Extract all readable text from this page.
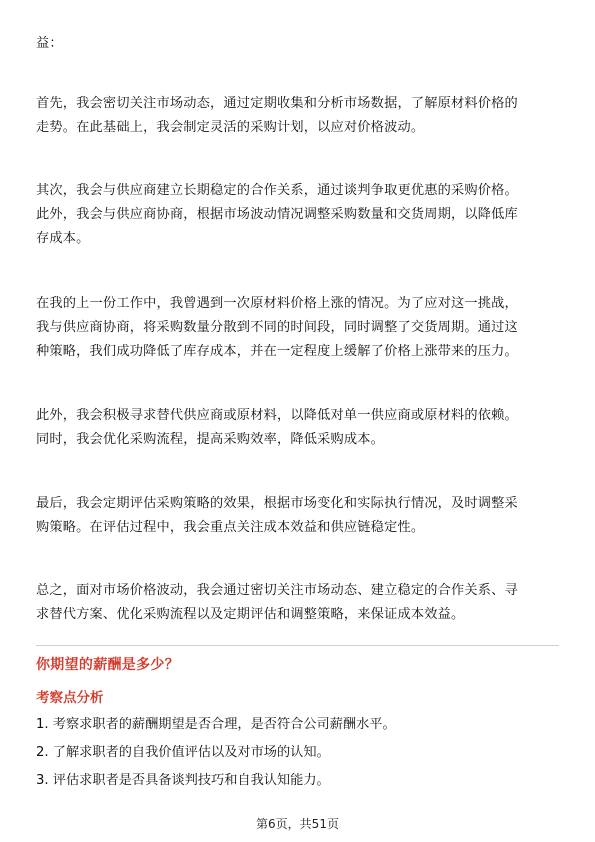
益：

首先，我会密切关注市场动态，通过定期收集和分析市场数据，了解原材料价格的
走势。在此基础上，我会制定灵活的采购计划，以应对价格波动。

其次，我会与供应商建立长期稳定的合作关系，通过谈判争取更优惠的采购价格。
此外，我会与供应商协商，根据市场波动情况调整采购数量和交货周期，以降低库
存成本。

在我的上一份工作中，我曾遇到一次原材料价格上涨的情况。为了应对这一挑战，
我与供应商协商，将采购数量分散到不同的时间段，同时调整了交货周期。通过这
种策略，我们成功降低了库存成本，并在一定程度上缓解了价格上涨带来的压力。

此外，我会积极寻求替代供应商或原材料，以降低对单一供应商或原材料的依赖。
同时，我会优化采购流程，提高采购效率，降低采购成本。

最后，我会定期评估采购策略的效果，根据市场变化和实际执行情况，及时调整采
购策略。在评估过程中，我会重点关注成本效益和供应链稳定性。

总之，面对市场价格波动，我会通过密切关注市场动态、建立稳定的合作关系、寻
求替代方案、优化采购流程以及定期评估和调整策略，来保证成本效益。

你期望的薪酬是多少？
考察点分析
1. 考察求职者的薪酬期望是否合理，是否符合公司薪酬水平。
2. 了解求职者的自我价值评估以及对市场的认知。
3. 评估求职者是否具备谈判技巧和自我认知能力。
第6页，共51页
